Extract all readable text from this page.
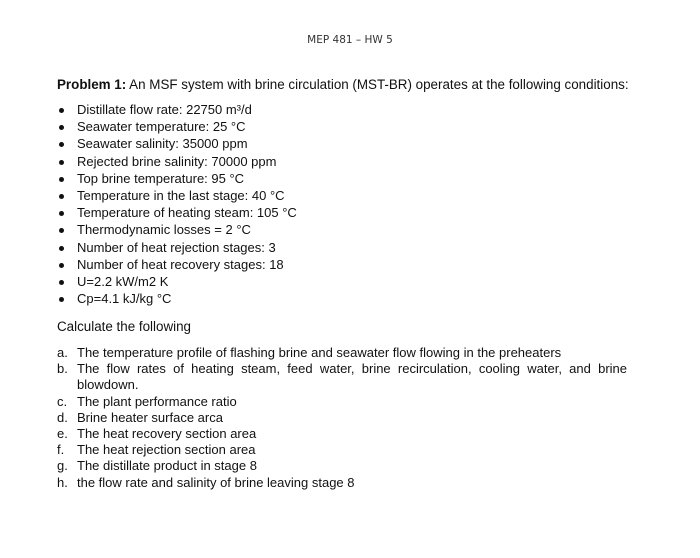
MEP 481 – HW 5
Problem 1: An MSF system with brine circulation (MST-BR) operates at the following conditions:
Distillate flow rate: 22750 m³/d
Seawater temperature: 25 °C
Seawater salinity: 35000 ppm
Rejected brine salinity: 70000 ppm
Top brine temperature: 95 °C
Temperature in the last stage: 40 °C
Temperature of heating steam: 105 °C
Thermodynamic losses = 2 °C
Number of heat rejection stages: 3
Number of heat recovery stages: 18
U=2.2 kW/m2 K
Cp=4.1 kJ/kg °C
Calculate the following
a. The temperature profile of flashing brine and seawater flow flowing in the preheaters
b. The flow rates of heating steam, feed water, brine recirculation, cooling water, and brine blowdown.
c. The plant performance ratio
d. Brine heater surface arca
e. The heat recovery section area
f. The heat rejection section area
g. The distillate product in stage 8
h. the flow rate and salinity of brine leaving stage 8
